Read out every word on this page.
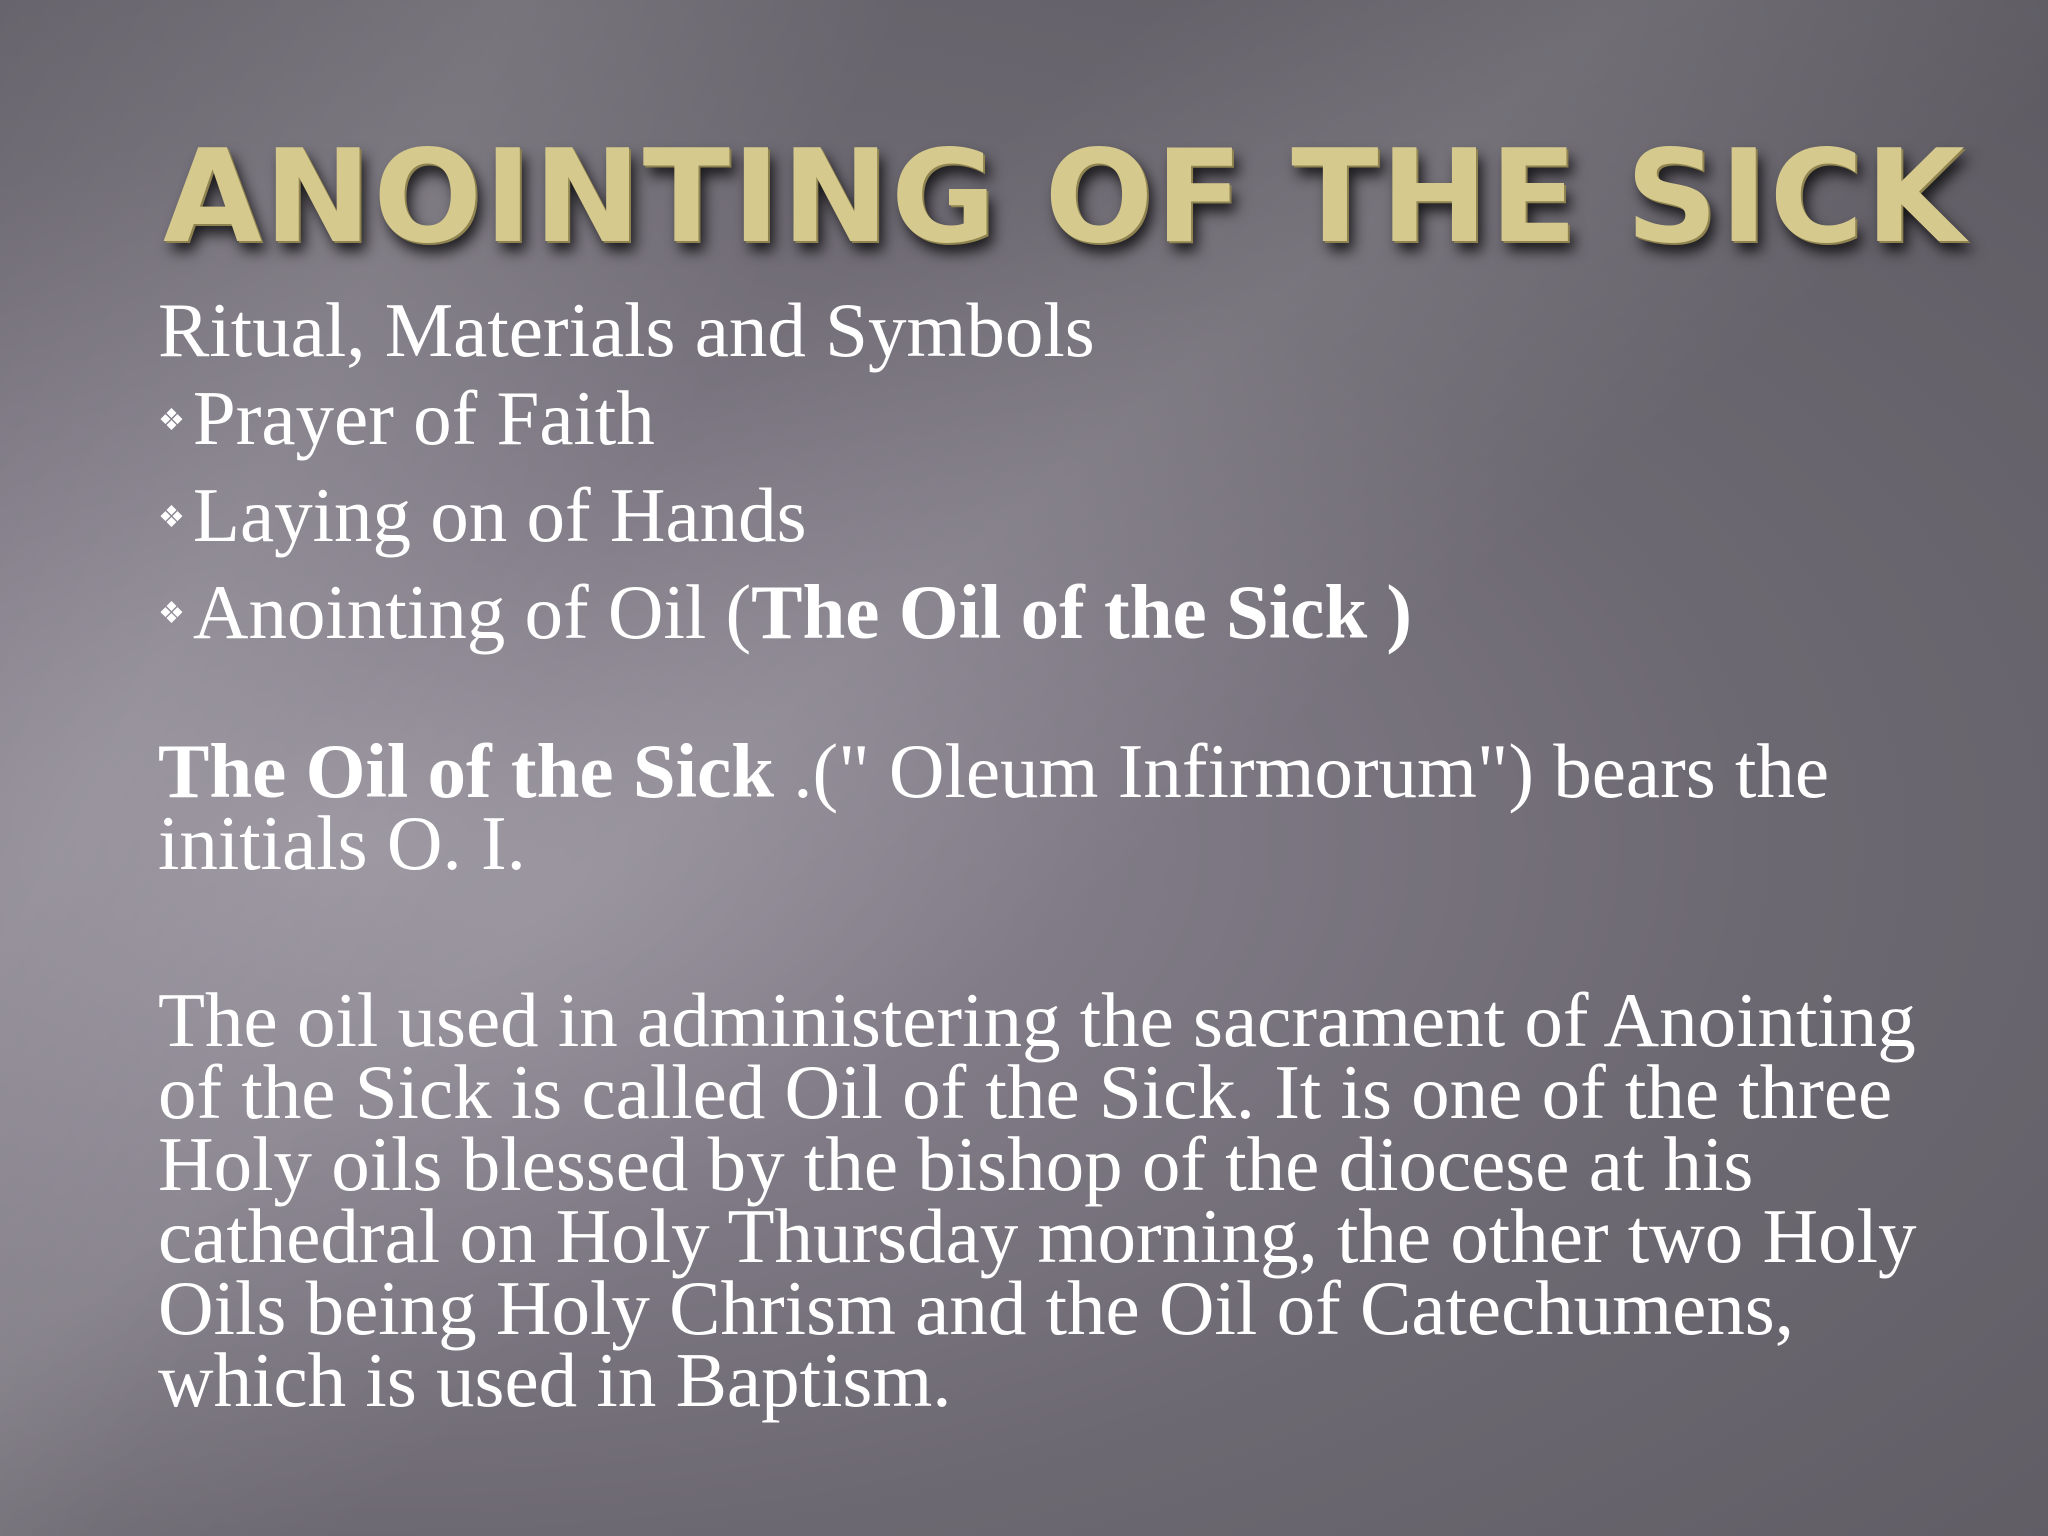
ANOINTING OF THE SICK
Ritual, Materials and Symbols
❖ Prayer of Faith
❖ Laying on of Hands
❖ Anointing of Oil (The Oil of the Sick )
The Oil of the Sick .(" Oleum Infirmorum") bears the initials O. I.
The oil used in administering the sacrament of Anointing of the Sick is called Oil of the Sick. It is one of the three Holy oils blessed by the bishop of the diocese at his cathedral on Holy Thursday morning, the other two Holy Oils being Holy Chrism and the Oil of Catechumens, which is used in Baptism.
